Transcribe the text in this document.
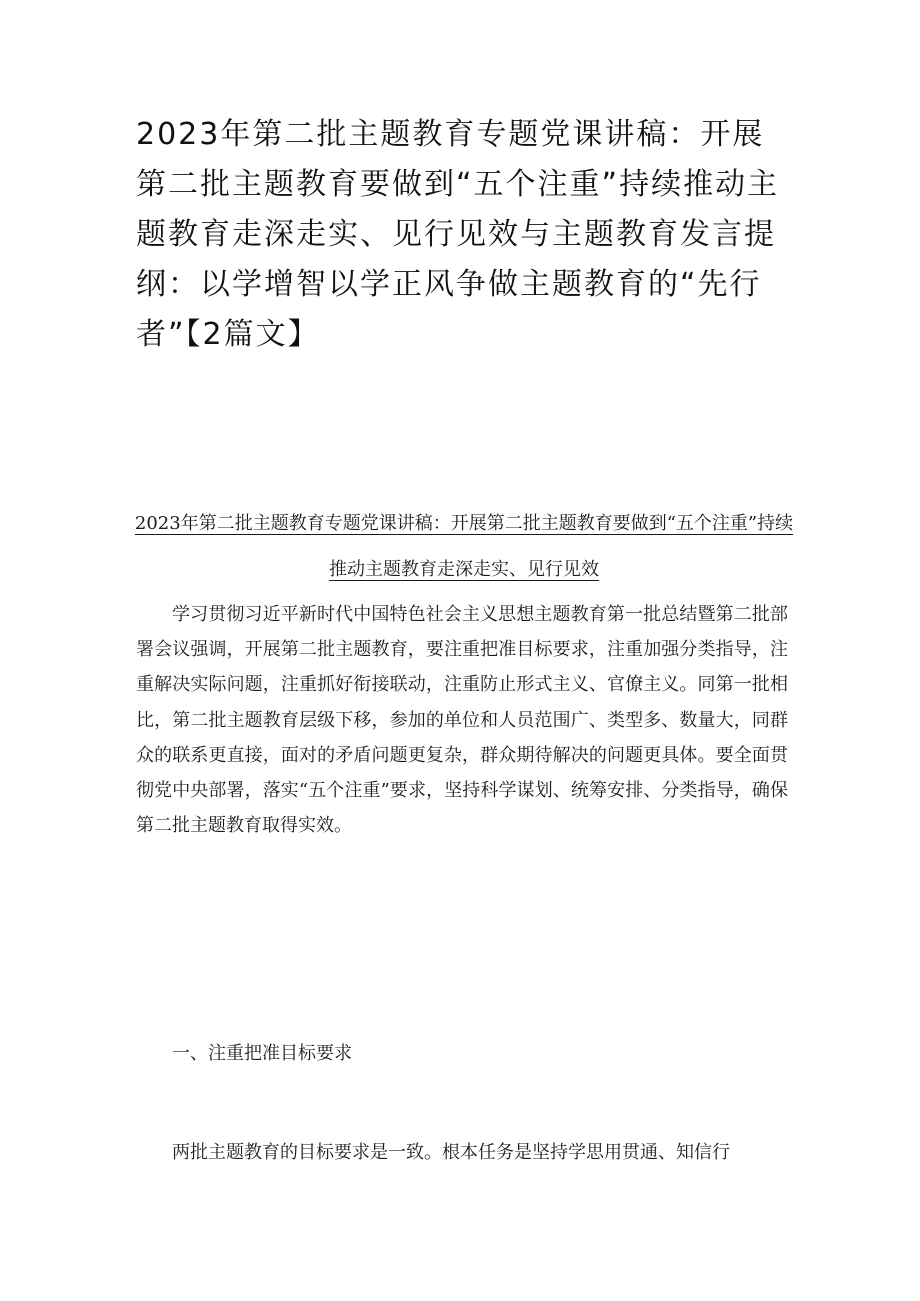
2023年第二批主题教育专题党课讲稿：开展第二批主题教育要做到“五个注重”持续推动主题教育走深走实、见行见效与主题教育发言提纲：以学增智以学正风争做主题教育的“先行者”【2篇文】
2023年第二批主题教育专题党课讲稿：开展第二批主题教育要做到“五个注重”持续推动主题教育走深走实、见行见效

学习贯彻习近平新时代中国特色社会主义思想主题教育第一批总结暨第二批部署会议强调，开展第二批主题教育，要注重把准目标要求，注重加强分类指导，注重解决实际问题，注重抓好衔接联动，注重防止形式主义、官僚主义。同第一批相比，第二批主题教育层级下移，参加的单位和人员范围广、类型多、数量大，同群众的联系更直接，面对的矛盾问题更复杂，群众期待解决的问题更具体。要全面贯彻党中央部署，落实“五个注重”要求，坚持科学谋划、统筹安排、分类指导，确保第二批主题教育取得实效。

一、注重把准目标要求

两批主题教育的目标要求是一致。根本任务是坚持学思用贯通、知信行
